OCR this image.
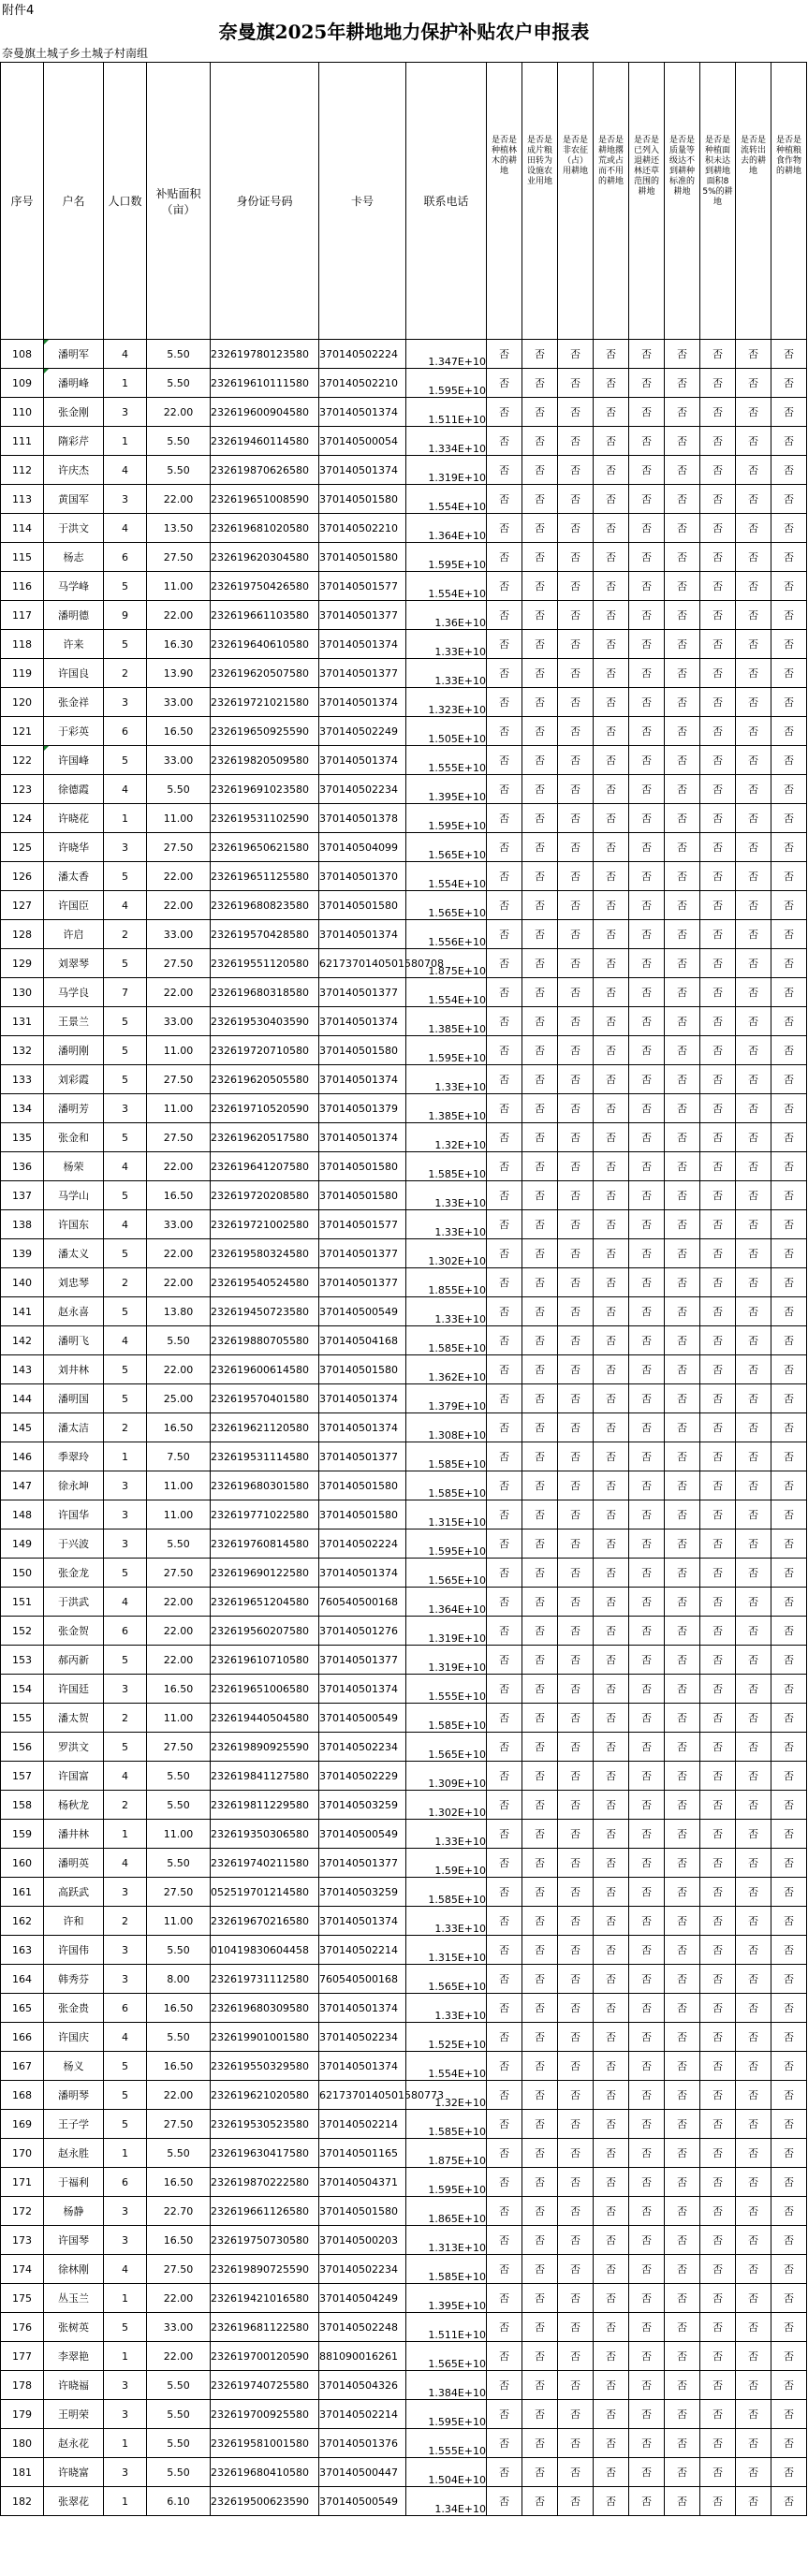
附件4
奈曼旗2025年耕地地力保护补贴农户申报表
奈曼旗土城子乡土城子村南组
序号	户名	人口数	补贴面积（亩）	身份证号码	卡号	联系电话	是否是种植林木的耕地	是否是成片粮田转为设施农业用地	是否是非农征（占）用耕地	是否是耕地撂荒或占而不用的耕地	是否是已列入退耕还林还草范围的耕地	是否是质量等级达不到耕种标准的耕地	是否是种植面积未达到耕地面积85%的耕地	是否是流转出去的耕地	是否是种植粮食作物的耕地
108	潘明军	4	5.50	232619780123580	370140502224	1.347E+10	否	否	否	否	否	否	否	否	否
109	潘明峰	1	5.50	232619610111580	370140502210	1.595E+10	否	否	否	否	否	否	否	否	否
110	张金刚	3	22.00	232619600904580	370140501374	1.511E+10	否	否	否	否	否	否	否	否	否
111	隋彩芹	1	5.50	232619460114580	370140500054	1.334E+10	否	否	否	否	否	否	否	否	否
112	许庆杰	4	5.50	232619870626580	370140501374	1.319E+10	否	否	否	否	否	否	否	否	否
113	黄国军	3	22.00	232619651008590	370140501580	1.554E+10	否	否	否	否	否	否	否	否	否
114	于洪文	4	13.50	232619681020580	370140502210	1.364E+10	否	否	否	否	否	否	否	否	否
115	杨志	6	27.50	232619620304580	370140501580	1.595E+10	否	否	否	否	否	否	否	否	否
116	马学峰	5	11.00	232619750426580	370140501577	1.554E+10	否	否	否	否	否	否	否	否	否
117	潘明德	9	22.00	232619661103580	370140501377	1.36E+10	否	否	否	否	否	否	否	否	否
118	许来	5	16.30	232619640610580	370140501374	1.33E+10	否	否	否	否	否	否	否	否	否
119	许国良	2	13.90	232619620507580	370140501377	1.33E+10	否	否	否	否	否	否	否	否	否
120	张金祥	3	33.00	232619721021580	370140501374	1.323E+10	否	否	否	否	否	否	否	否	否
121	于彩英	6	16.50	232619650925590	370140502249	1.505E+10	否	否	否	否	否	否	否	否	否
122	许国峰	5	33.00	232619820509580	370140501374	1.555E+10	否	否	否	否	否	否	否	否	否
123	徐德霞	4	5.50	232619691023580	370140502234	1.395E+10	否	否	否	否	否	否	否	否	否
124	许晓花	1	11.00	232619531102590	370140501378	1.595E+10	否	否	否	否	否	否	否	否	否
125	许晓华	3	27.50	232619650621580	370140504099	1.565E+10	否	否	否	否	否	否	否	否	否
126	潘太香	5	22.00	232619651125580	370140501370	1.554E+10	否	否	否	否	否	否	否	否	否
127	许国臣	4	22.00	232619680823580	370140501580	1.565E+10	否	否	否	否	否	否	否	否	否
128	许启	2	33.00	232619570428580	370140501374	1.556E+10	否	否	否	否	否	否	否	否	否
129	刘翠琴	5	27.50	232619551120580	6217370140501580708	1.875E+10	否	否	否	否	否	否	否	否	否
130	马学良	7	22.00	232619680318580	370140501377	1.554E+10	否	否	否	否	否	否	否	否	否
131	王景兰	5	33.00	232619530403590	370140501374	1.385E+10	否	否	否	否	否	否	否	否	否
132	潘明刚	5	11.00	232619720710580	370140501580	1.595E+10	否	否	否	否	否	否	否	否	否
133	刘彩霞	5	27.50	232619620505580	370140501374	1.33E+10	否	否	否	否	否	否	否	否	否
134	潘明芳	3	11.00	232619710520590	370140501379	1.385E+10	否	否	否	否	否	否	否	否	否
135	张金和	5	27.50	232619620517580	370140501374	1.32E+10	否	否	否	否	否	否	否	否	否
136	杨荣	4	22.00	232619641207580	370140501580	1.585E+10	否	否	否	否	否	否	否	否	否
137	马学山	5	16.50	232619720208580	370140501580	1.33E+10	否	否	否	否	否	否	否	否	否
138	许国东	4	33.00	232619721002580	370140501577	1.33E+10	否	否	否	否	否	否	否	否	否
139	潘太义	5	22.00	232619580324580	370140501377	1.302E+10	否	否	否	否	否	否	否	否	否
140	刘忠琴	2	22.00	232619540524580	370140501377	1.855E+10	否	否	否	否	否	否	否	否	否
141	赵永喜	5	13.80	232619450723580	370140500549	1.33E+10	否	否	否	否	否	否	否	否	否
142	潘明飞	4	5.50	232619880705580	370140504168	1.585E+10	否	否	否	否	否	否	否	否	否
143	刘井林	5	22.00	232619600614580	370140501580	1.362E+10	否	否	否	否	否	否	否	否	否
144	潘明国	5	25.00	232619570401580	370140501374	1.379E+10	否	否	否	否	否	否	否	否	否
145	潘太洁	2	16.50	232619621120580	370140501374	1.308E+10	否	否	否	否	否	否	否	否	否
146	季翠玲	1	7.50	232619531114580	370140501377	1.585E+10	否	否	否	否	否	否	否	否	否
147	徐永坤	3	11.00	232619680301580	370140501580	1.585E+10	否	否	否	否	否	否	否	否	否
148	许国华	3	11.00	232619771022580	370140501580	1.315E+10	否	否	否	否	否	否	否	否	否
149	于兴波	3	5.50	232619760814580	370140502224	1.595E+10	否	否	否	否	否	否	否	否	否
150	张金龙	5	27.50	232619690122580	370140501374	1.565E+10	否	否	否	否	否	否	否	否	否
151	于洪武	4	22.00	232619651204580	760540500168	1.364E+10	否	否	否	否	否	否	否	否	否
152	张金贺	6	22.00	232619560207580	370140501276	1.319E+10	否	否	否	否	否	否	否	否	否
153	郝丙新	5	22.00	232619610710580	370140501377	1.319E+10	否	否	否	否	否	否	否	否	否
154	许国廷	3	16.50	232619651006580	370140501374	1.555E+10	否	否	否	否	否	否	否	否	否
155	潘太贺	2	11.00	232619440504580	370140500549	1.585E+10	否	否	否	否	否	否	否	否	否
156	罗洪文	5	27.50	232619890925590	370140502234	1.565E+10	否	否	否	否	否	否	否	否	否
157	许国富	4	5.50	232619841127580	370140502229	1.309E+10	否	否	否	否	否	否	否	否	否
158	杨秋龙	2	5.50	232619811229580	370140503259	1.302E+10	否	否	否	否	否	否	否	否	否
159	潘井林	1	11.00	232619350306580	370140500549	1.33E+10	否	否	否	否	否	否	否	否	否
160	潘明英	4	5.50	232619740211580	370140501377	1.59E+10	否	否	否	否	否	否	否	否	否
161	高跃武	3	27.50	052519701214580	370140503259	1.585E+10	否	否	否	否	否	否	否	否	否
162	许和	2	11.00	232619670216580	370140501374	1.33E+10	否	否	否	否	否	否	否	否	否
163	许国伟	3	5.50	010419830604458	370140502214	1.315E+10	否	否	否	否	否	否	否	否	否
164	韩秀芬	3	8.00	232619731112580	760540500168	1.565E+10	否	否	否	否	否	否	否	否	否
165	张金贵	6	16.50	232619680309580	370140501374	1.33E+10	否	否	否	否	否	否	否	否	否
166	许国庆	4	5.50	232619901001580	370140502234	1.525E+10	否	否	否	否	否	否	否	否	否
167	杨义	5	16.50	232619550329580	370140501374	1.554E+10	否	否	否	否	否	否	否	否	否
168	潘明琴	5	22.00	232619621020580	6217370140501580773	1.32E+10	否	否	否	否	否	否	否	否	否
169	王子学	5	27.50	232619530523580	370140502214	1.585E+10	否	否	否	否	否	否	否	否	否
170	赵永胜	1	5.50	232619630417580	370140501165	1.875E+10	否	否	否	否	否	否	否	否	否
171	于福利	6	16.50	232619870222580	370140504371	1.595E+10	否	否	否	否	否	否	否	否	否
172	杨静	3	22.70	232619661126580	370140501580	1.865E+10	否	否	否	否	否	否	否	否	否
173	许国琴	3	16.50	232619750730580	370140500203	1.313E+10	否	否	否	否	否	否	否	否	否
174	徐林刚	4	27.50	232619890725590	370140502234	1.585E+10	否	否	否	否	否	否	否	否	否
175	丛玉兰	1	22.00	232619421016580	370140504249	1.395E+10	否	否	否	否	否	否	否	否	否
176	张树英	5	33.00	232619681122580	370140502248	1.511E+10	否	否	否	否	否	否	否	否	否
177	李翠艳	1	22.00	232619700120590	881090016261	1.565E+10	否	否	否	否	否	否	否	否	否
178	许晓福	3	5.50	232619740725580	370140504326	1.384E+10	否	否	否	否	否	否	否	否	否
179	王明荣	3	5.50	232619700925580	370140502214	1.595E+10	否	否	否	否	否	否	否	否	否
180	赵永花	1	5.50	232619581001580	370140501376	1.555E+10	否	否	否	否	否	否	否	否	否
181	许晓富	3	5.50	232619680410580	370140500447	1.504E+10	否	否	否	否	否	否	否	否	否
182	张翠花	1	6.10	232619500623590	370140500549	1.34E+10	否	否	否	否	否	否	否	否	否
